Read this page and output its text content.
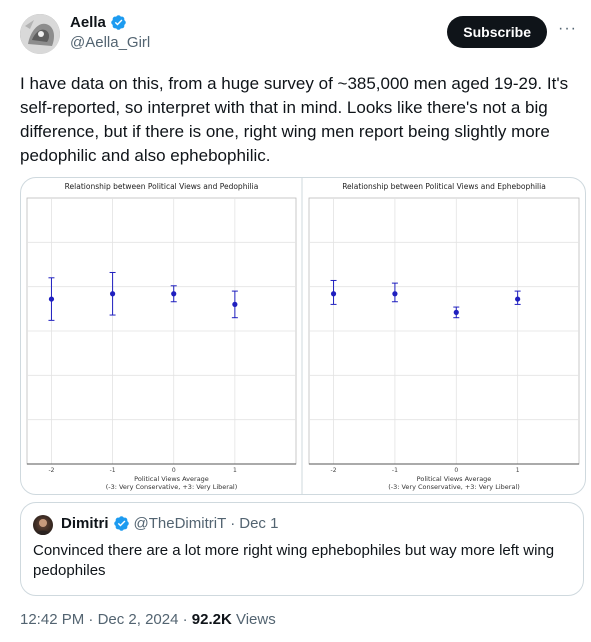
Aella
@Aella_Girl
Subscribe	···
I have data on this, from a huge survey of ~385,000 men aged 19-29. It's self-reported, so interpret with that in mind. Looks like there's not a big difference, but if there is one, right wing men report being slightly more pedophilic and also ephebophilic.
Relationship between Political Views and Pedophilia
-2	-1	0	1
Political Views Average
(-3: Very Conservative, +3: Very Liberal)
Relationship between Political Views and Ephebophilia
-2	-1	0	1
Political Views Average
(-3: Very Conservative, +3: Very Liberal)
Dimitri @TheDimitriT · Dec 1
Convinced there are a lot more right wing ephebophiles but way more left wing pedophiles
12:42 PM · Dec 2, 2024 · 92.2K Views
